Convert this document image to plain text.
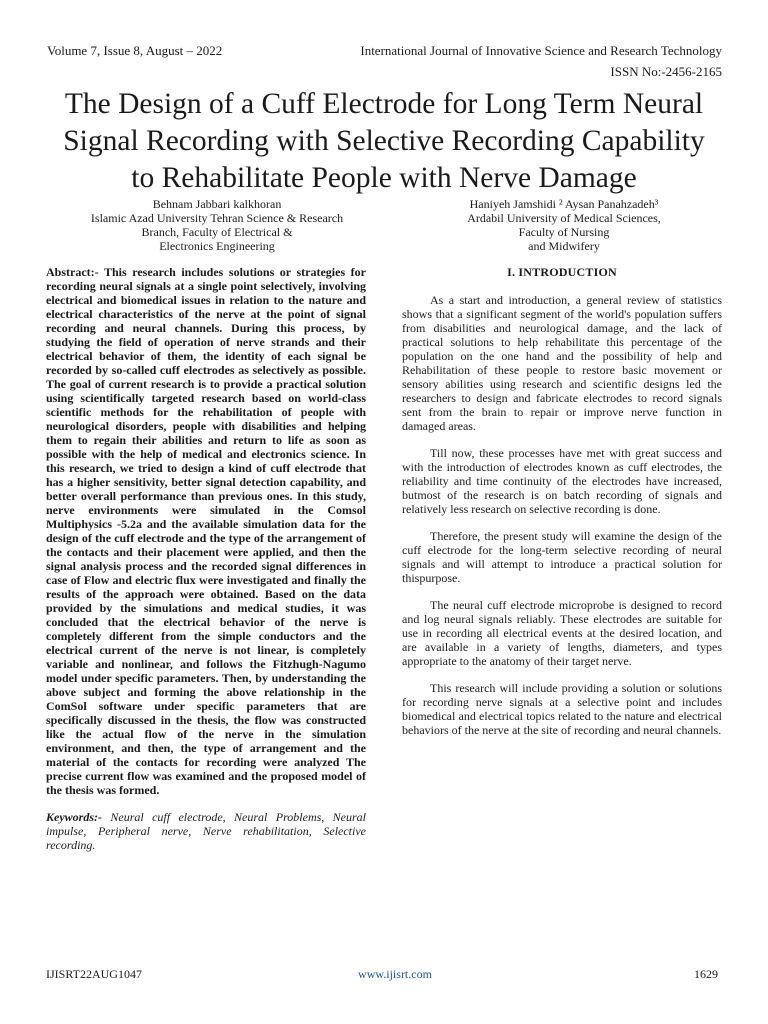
Volume 7, Issue 8, August – 2022	International Journal of Innovative Science and Research Technology
ISSN No:-2456-2165
The Design of a Cuff Electrode for Long Term Neural
Signal Recording with Selective Recording Capability
to Rehabilitate People with Nerve Damage
Behnam Jabbari kalkhoran
Islamic Azad University Tehran Science & Research
Branch, Faculty of Electrical &
Electronics Engineering
Haniyeh Jamshidi ² Aysan Panahzadeh³
Ardabil University of Medical Sciences,
Faculty of Nursing
and Midwifery

Abstract:- This research includes solutions or strategies for recording neural signals at a single point selectively, involving electrical and biomedical issues in relation to the nature and electrical characteristics of the nerve at the point of signal recording and neural channels. During this process, by studying the field of operation of nerve strands and their electrical behavior of them, the identity of each signal be recorded by so-called cuff electrodes as selectively as possible. The goal of current research is to provide a practical solution using scientifically targeted research based on world-class scientific methods for the rehabilitation of people with neurological disorders, people with disabilities and helping them to regain their abilities and return to life as soon as possible with the help of medical and electronics science. In this research, we tried to design a kind of cuff electrode that has a higher sensitivity, better signal detection capability, and better overall performance than previous ones. In this study, nerve environments were simulated in the Comsol Multiphysics -5.2a and the available simulation data for the design of the cuff electrode and the type of the arrangement of the contacts and their placement were applied, and then the signal analysis process and the recorded signal differences in case of Flow and electric flux were investigated and finally the results of the approach were obtained. Based on the data provided by the simulations and medical studies, it was concluded that the electrical behavior of the nerve is completely different from the simple conductors and the electrical current of the nerve is not linear, is completely variable and nonlinear, and follows the Fitzhugh-Nagumo model under specific parameters. Then, by understanding the above subject and forming the above relationship in the ComSol software under specific parameters that are specifically discussed in the thesis, the flow was constructed like the actual flow of the nerve in the simulation environment, and then, the type of arrangement and the material of the contacts for recording were analyzed The precise current flow was examined and the proposed model of the thesis was formed.

Keywords:- Neural cuff electrode, Neural Problems, Neural impulse, Peripheral nerve, Nerve rehabilitation, Selective recording.

I. INTRODUCTION

As a start and introduction, a general review of statistics shows that a significant segment of the world's population suffers from disabilities and neurological damage, and the lack of practical solutions to help rehabilitate this percentage of the population on the one hand and the possibility of help and Rehabilitation of these people to restore basic movement or sensory abilities using research and scientific designs led the researchers to design and fabricate electrodes to record signals sent from the brain to repair or improve nerve function in damaged areas.

Till now, these processes have met with great success and with the introduction of electrodes known as cuff electrodes, the reliability and time continuity of the electrodes have increased, butmost of the research is on batch recording of signals and relatively less research on selective recording is done.

Therefore, the present study will examine the design of the cuff electrode for the long-term selective recording of neural signals and will attempt to introduce a practical solution for thispurpose.

The neural cuff electrode microprobe is designed to record and log neural signals reliably. These electrodes are suitable for use in recording all electrical events at the desired location, and are available in a variety of lengths, diameters, and types appropriate to the anatomy of their target nerve.

This research will include providing a solution or solutions for recording nerve signals at a selective point and includes biomedical and electrical topics related to the nature and electrical behaviors of the nerve at the site of recording and neural channels.

IJISRT22AUG1047	www.ijisrt.com	1629
